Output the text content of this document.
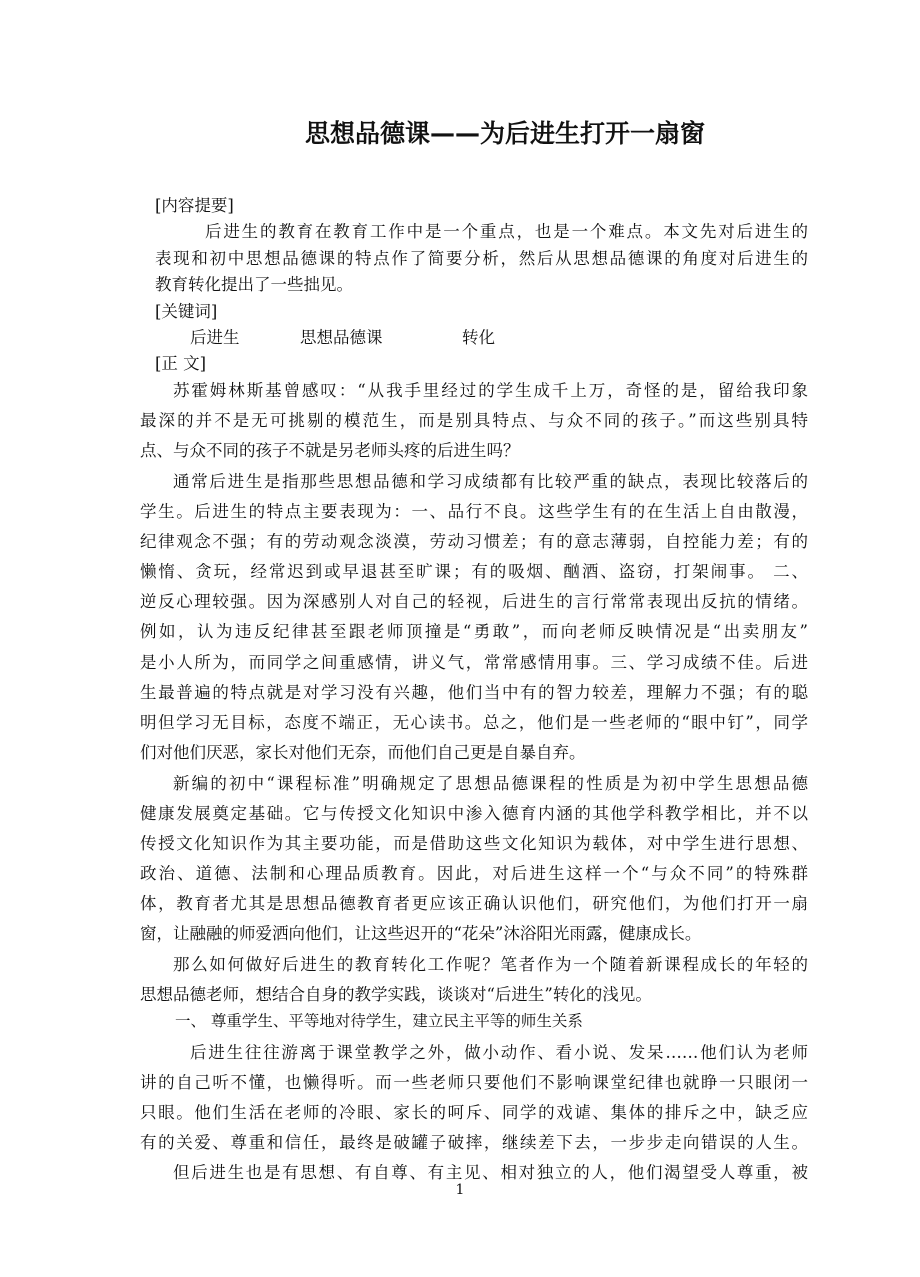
思想品德课——为后进生打开一扇窗
[内容提要]
后进生的教育在教育工作中是一个重点，也是一个难点。本文先对后进生的
表现和初中思想品德课的特点作了简要分析，然后从思想品德课的角度对后进生的
教育转化提出了一些拙见。
[关键词]
后进生	思想品德课	转化
[正 文]
苏霍姆林斯基曾感叹：“从我手里经过的学生成千上万，奇怪的是，留给我印象
最深的并不是无可挑剔的模范生，而是别具特点、与众不同的孩子。”而这些别具特
点、与众不同的孩子不就是另老师头疼的后进生吗？
通常后进生是指那些思想品德和学习成绩都有比较严重的缺点，表现比较落后的
学生。后进生的特点主要表现为：一、品行不良。这些学生有的在生活上自由散漫，
纪律观念不强；有的劳动观念淡漠，劳动习惯差；有的意志薄弱，自控能力差；有的
懒惰、贪玩，经常迟到或早退甚至旷课；有的吸烟、酗酒、盗窃，打架闹事。 二、
逆反心理较强。因为深感别人对自己的轻视，后进生的言行常常表现出反抗的情绪。
例如，认为违反纪律甚至跟老师顶撞是“勇敢”，而向老师反映情况是“出卖朋友”
是小人所为，而同学之间重感情，讲义气，常常感情用事。三、学习成绩不佳。后进
生最普遍的特点就是对学习没有兴趣，他们当中有的智力较差，理解力不强；有的聪
明但学习无目标，态度不端正，无心读书。总之，他们是一些老师的“眼中钉”，同学
们对他们厌恶，家长对他们无奈，而他们自己更是自暴自弃。
新编的初中“课程标准”明确规定了思想品德课程的性质是为初中学生思想品德
健康发展奠定基础。它与传授文化知识中渗入德育内涵的其他学科教学相比，并不以
传授文化知识作为其主要功能，而是借助这些文化知识为载体，对中学生进行思想、
政治、道德、法制和心理品质教育。因此，对后进生这样一个“与众不同”的特殊群
体，教育者尤其是思想品德教育者更应该正确认识他们，研究他们，为他们打开一扇
窗，让融融的师爱洒向他们，让这些迟开的“花朵”沐浴阳光雨露，健康成长。
那么如何做好后进生的教育转化工作呢？笔者作为一个随着新课程成长的年轻的
思想品德老师，想结合自身的教学实践，谈谈对“后进生”转化的浅见。
一、 尊重学生、平等地对待学生，建立民主平等的师生关系
后进生往往游离于课堂教学之外，做小动作、看小说、发呆……他们认为老师
讲的自己听不懂，也懒得听。而一些老师只要他们不影响课堂纪律也就睁一只眼闭一
只眼。他们生活在老师的冷眼、家长的呵斥、同学的戏谑、集体的排斥之中，缺乏应
有的关爱、尊重和信任，最终是破罐子破摔，继续差下去，一步步走向错误的人生。
但后进生也是有思想、有自尊、有主见、相对独立的人，他们渴望受人尊重，被
1
